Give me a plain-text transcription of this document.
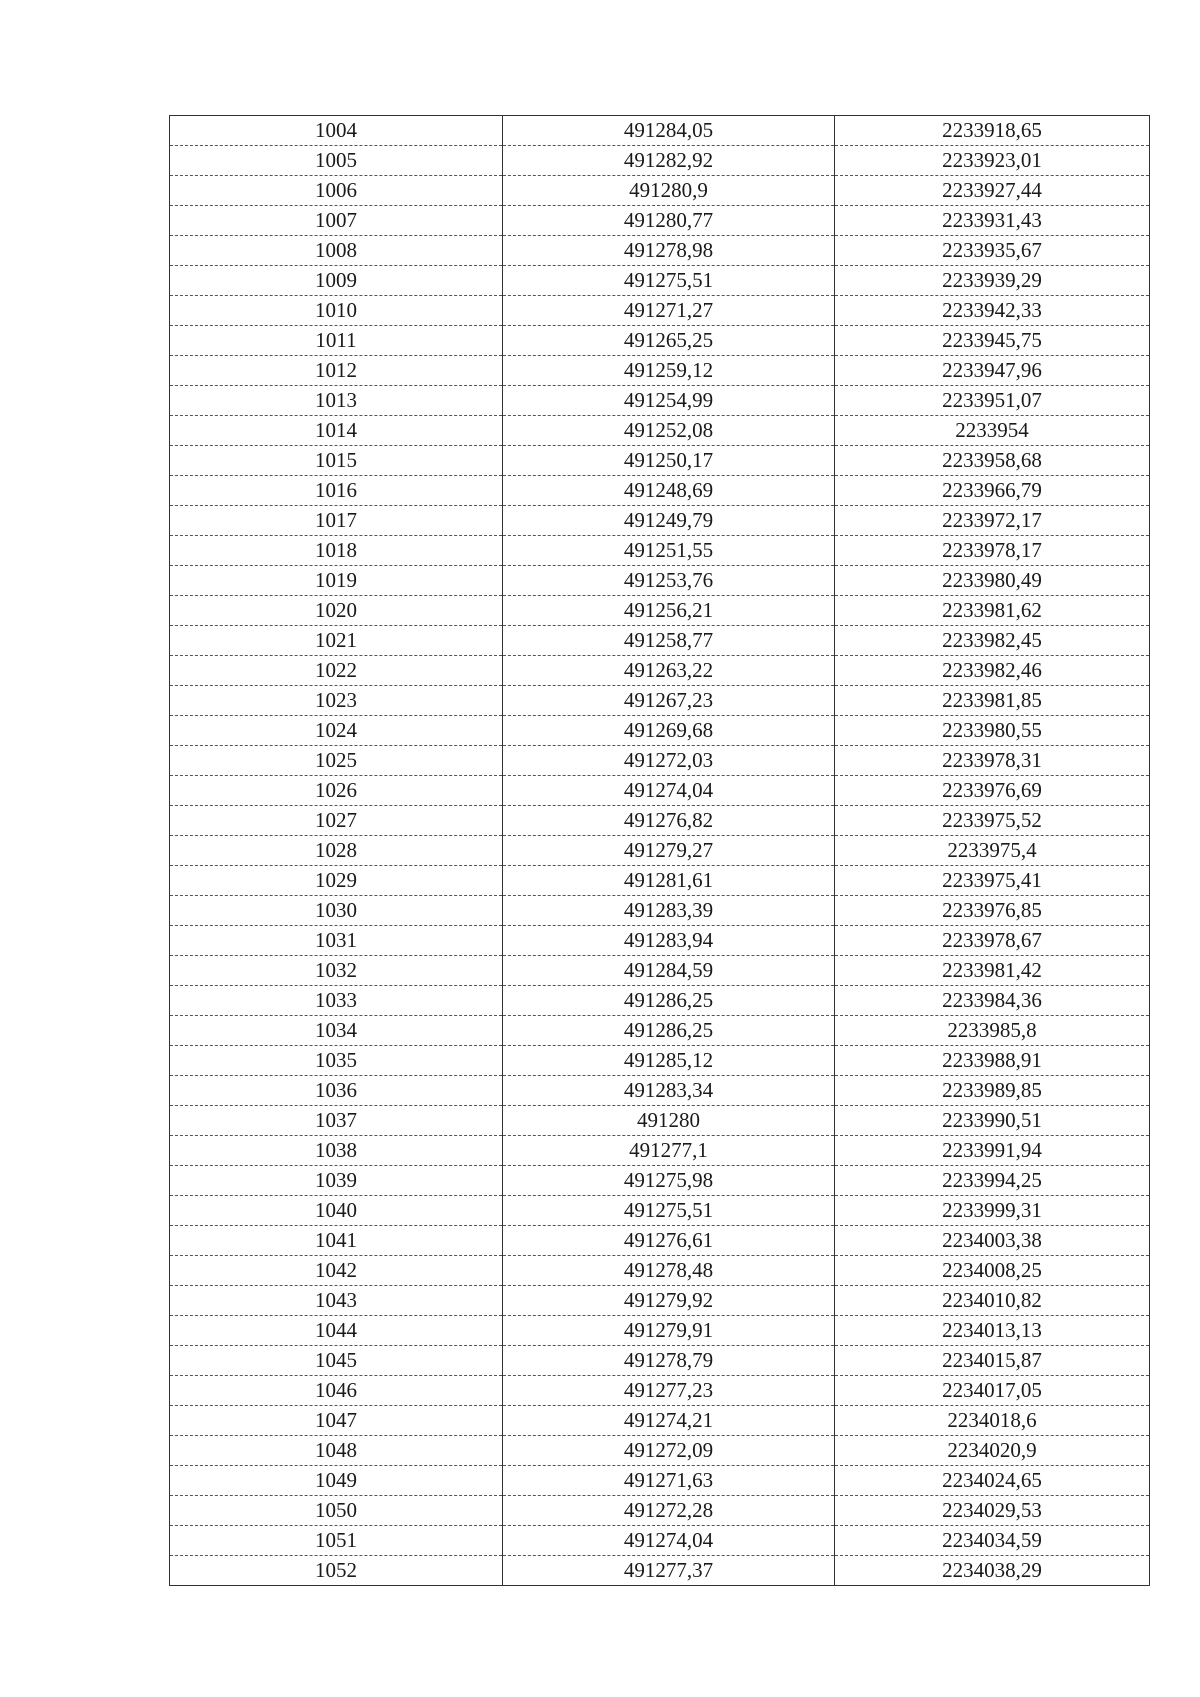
1004	491284,05	2233918,65
1005	491282,92	2233923,01
1006	491280,9	2233927,44
1007	491280,77	2233931,43
1008	491278,98	2233935,67
1009	491275,51	2233939,29
1010	491271,27	2233942,33
1011	491265,25	2233945,75
1012	491259,12	2233947,96
1013	491254,99	2233951,07
1014	491252,08	2233954
1015	491250,17	2233958,68
1016	491248,69	2233966,79
1017	491249,79	2233972,17
1018	491251,55	2233978,17
1019	491253,76	2233980,49
1020	491256,21	2233981,62
1021	491258,77	2233982,45
1022	491263,22	2233982,46
1023	491267,23	2233981,85
1024	491269,68	2233980,55
1025	491272,03	2233978,31
1026	491274,04	2233976,69
1027	491276,82	2233975,52
1028	491279,27	2233975,4
1029	491281,61	2233975,41
1030	491283,39	2233976,85
1031	491283,94	2233978,67
1032	491284,59	2233981,42
1033	491286,25	2233984,36
1034	491286,25	2233985,8
1035	491285,12	2233988,91
1036	491283,34	2233989,85
1037	491280	2233990,51
1038	491277,1	2233991,94
1039	491275,98	2233994,25
1040	491275,51	2233999,31
1041	491276,61	2234003,38
1042	491278,48	2234008,25
1043	491279,92	2234010,82
1044	491279,91	2234013,13
1045	491278,79	2234015,87
1046	491277,23	2234017,05
1047	491274,21	2234018,6
1048	491272,09	2234020,9
1049	491271,63	2234024,65
1050	491272,28	2234029,53
1051	491274,04	2234034,59
1052	491277,37	2234038,29
